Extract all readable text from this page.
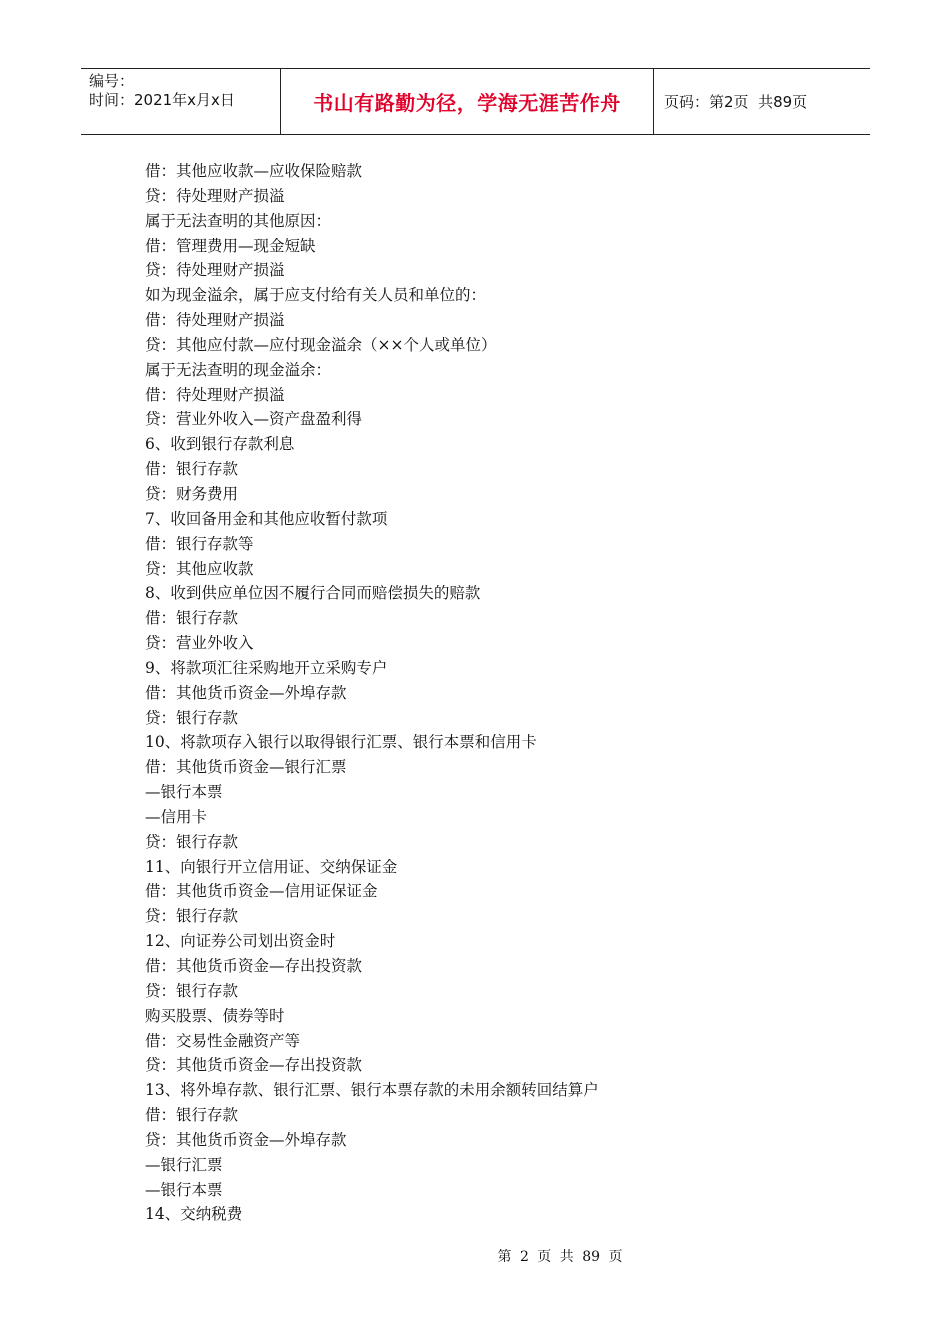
编号：
时间：2021年x月x日	书山有路勤为径，学海无涯苦作舟	页码：第2页  共89页
借：其他应收款—应收保险赔款
贷：待处理财产损溢
属于无法查明的其他原因：
借：管理费用—现金短缺
贷：待处理财产损溢
如为现金溢余，属于应支付给有关人员和单位的：
借：待处理财产损溢
贷：其他应付款—应付现金溢余（××个人或单位）
属于无法查明的现金溢余：
借：待处理财产损溢
贷：营业外收入—资产盘盈利得
6、收到银行存款利息
借：银行存款
贷：财务费用
7、收回备用金和其他应收暂付款项
借：银行存款等
贷：其他应收款
8、收到供应单位因不履行合同而赔偿损失的赔款
借：银行存款
贷：营业外收入
9、将款项汇往采购地开立采购专户
借：其他货币资金—外埠存款
贷：银行存款
10、将款项存入银行以取得银行汇票、银行本票和信用卡
借：其他货币资金—银行汇票
—银行本票
—信用卡
贷：银行存款
11、向银行开立信用证、交纳保证金
借：其他货币资金—信用证保证金
贷：银行存款
12、向证券公司划出资金时
借：其他货币资金—存出投资款
贷：银行存款
购买股票、债券等时
借：交易性金融资产等
贷：其他货币资金—存出投资款
13、将外埠存款、银行汇票、银行本票存款的未用余额转回结算户
借：银行存款
贷：其他货币资金—外埠存款
—银行汇票
—银行本票
14、交纳税费
第 2 页 共 89 页
